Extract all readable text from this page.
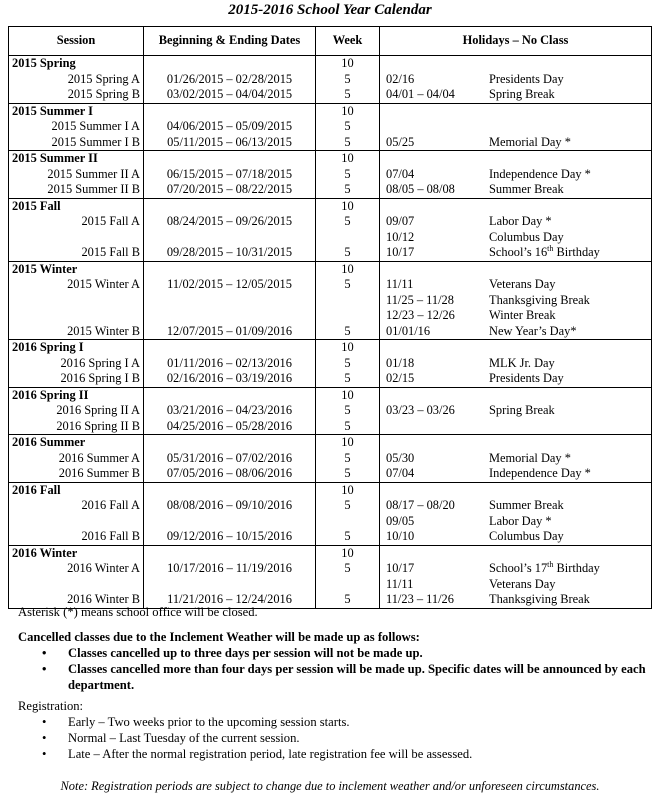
2015-2016 School Year Calendar
Session	Beginning & Ending Dates	Week	Holidays – No Class
2015 Spring		10	
2015 Spring A	01/26/2015 – 02/28/2015	5	02/16 Presidents Day
2015 Spring B	03/02/2015 – 04/04/2015	5	04/01 – 04/04 Spring Break
2015 Summer I		10	
2015 Summer I A	04/06/2015 – 05/09/2015	5	
2015 Summer I B	05/11/2015 – 06/13/2015	5	05/25 Memorial Day *
2015 Summer II		10	
2015 Summer II A	06/15/2015 – 07/18/2015	5	07/04 Independence Day *
2015 Summer II B	07/20/2015 – 08/22/2015	5	08/05 – 08/08 Summer Break
2015 Fall		10	
2015 Fall A	08/24/2015 – 09/26/2015	5	09/07 Labor Day *
			10/12 Columbus Day
2015 Fall B	09/28/2015 – 10/31/2015	5	10/17 School’s 16th Birthday
2015 Winter		10	
2015 Winter A	11/02/2015 – 12/05/2015	5	11/11 Veterans Day
			11/25 – 11/28 Thanksgiving Break
			12/23 – 12/26 Winter Break
2015 Winter B	12/07/2015 – 01/09/2016	5	01/01/16 New Year’s Day*
2016 Spring I		10	
2016 Spring I A	01/11/2016 – 02/13/2016	5	01/18 MLK Jr. Day
2016 Spring I B	02/16/2016 – 03/19/2016	5	02/15 Presidents Day
2016 Spring II		10	
2016 Spring II A	03/21/2016 – 04/23/2016	5	03/23 – 03/26 Spring Break
2016 Spring II B	04/25/2016 – 05/28/2016	5	
2016 Summer		10	
2016 Summer A	05/31/2016 – 07/02/2016	5	05/30 Memorial Day *
2016 Summer B	07/05/2016 – 08/06/2016	5	07/04 Independence Day *
2016 Fall		10	
2016 Fall A	08/08/2016 – 09/10/2016	5	08/17 – 08/20 Summer Break
			09/05 Labor Day *
2016 Fall B	09/12/2016 – 10/15/2016	5	10/10 Columbus Day
2016 Winter		10	
2016 Winter A	10/17/2016 – 11/19/2016	5	10/17 School’s 17th Birthday
			11/11 Veterans Day
2016 Winter B	11/21/2016 – 12/24/2016	5	11/23 – 11/26 Thanksgiving Break

Asterisk (*) means school office will be closed.

Cancelled classes due to the Inclement Weather will be made up as follows:

• Classes cancelled up to three days per session will not be made up.
• Classes cancelled more than four days per session will be made up. Specific dates will be announced by each department.

Registration:

• Early – Two weeks prior to the upcoming session starts.
• Normal – Last Tuesday of the current session.
• Late – After the normal registration period, late registration fee will be assessed.
Note: Registration periods are subject to change due to inclement weather and/or unforeseen circumstances.
